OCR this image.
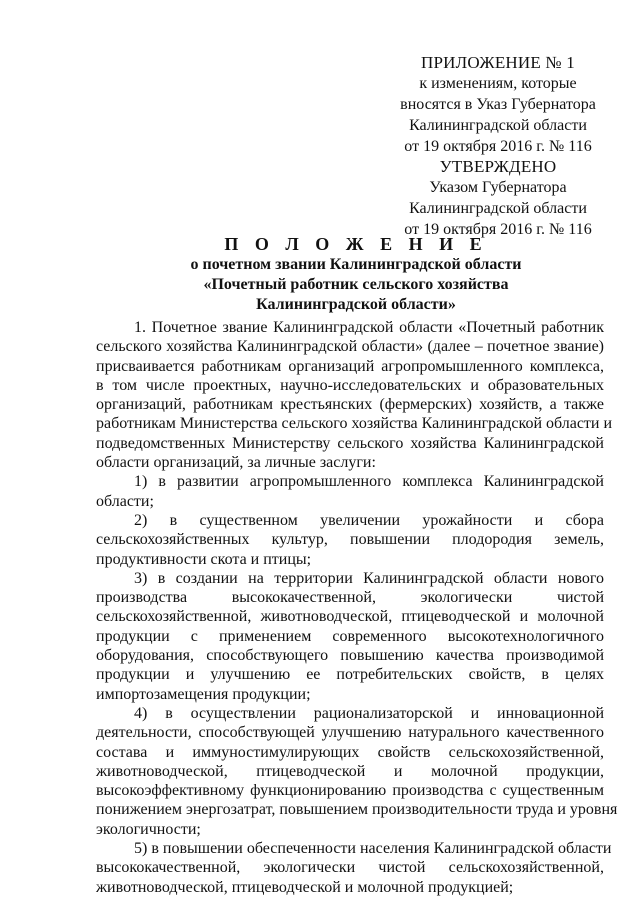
ПРИЛОЖЕНИЕ № 1
к изменениям, которые
вносятся в Указ Губернатора
Калининградской области
от 19 октября 2016 г. № 116
УТВЕРЖДЕНО
Указом Губернатора
Калининградской области
от 19 октября 2016 г. № 116
П О Л О Ж Е Н И Е
о почетном звании Калининградской области
«Почетный работник сельского хозяйства
Калининградской области»
1. Почетное звание Калининградской области «Почетный работник
сельского хозяйства Калининградской области» (далее – почетное звание)
присваивается работникам организаций агропромышленного комплекса,
в том числе проектных, научно-исследовательских и образовательных
организаций, работникам крестьянских (фермерских) хозяйств, а также
работникам Министерства сельского хозяйства Калининградской области и
подведомственных Министерству сельского хозяйства Калининградской
области организаций, за личные заслуги:
1) в развитии агропромышленного комплекса Калининградской
области;
2) в существенном увеличении урожайности и сбора
сельскохозяйственных культур, повышении плодородия земель,
продуктивности скота и птицы;
3) в создании на территории Калининградской области нового
производства высококачественной, экологически чистой
сельскохозяйственной, животноводческой, птицеводческой и молочной
продукции с применением современного высокотехнологичного
оборудования, способствующего повышению качества производимой
продукции и улучшению ее потребительских свойств, в целях
импортозамещения продукции;
4) в осуществлении рационализаторской и инновационной
деятельности, способствующей улучшению натурального качественного
состава и иммуностимулирующих свойств сельскохозяйственной,
животноводческой, птицеводческой и молочной продукции,
высокоэффективному функционированию производства с существенным
понижением энергозатрат, повышением производительности труда и уровня
экологичности;
5) в повышении обеспеченности населения Калининградской области
высококачественной, экологически чистой сельскохозяйственной,
животноводческой, птицеводческой и молочной продукцией;
